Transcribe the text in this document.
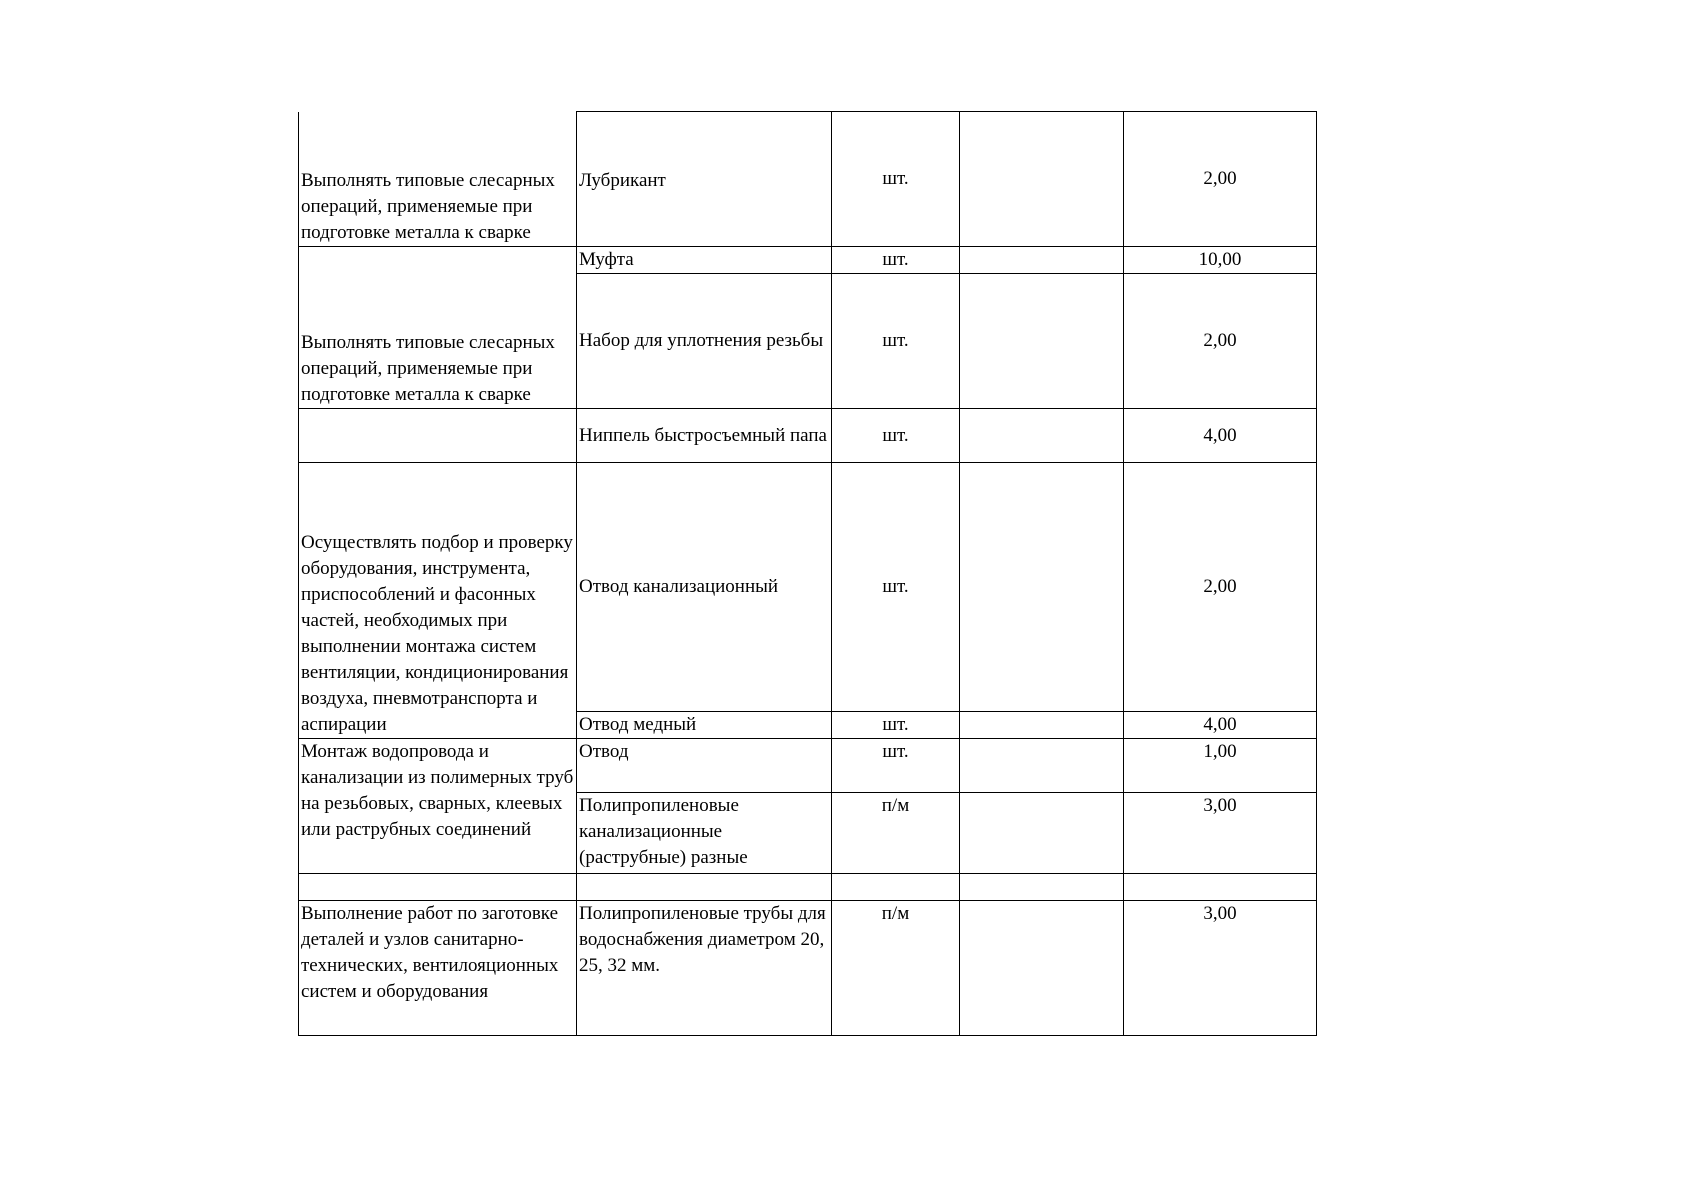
Выполнять типовые слесарных операций, применяемые при подготовке металла к сварке	Лубрикант	шт.		2,00
Выполнять типовые слесарных операций, применяемые при подготовке металла к сварке	Муфта	шт.		10,00
	Набор для уплотнения резьбы	шт.		2,00
	Ниппель быстросъемный папа	шт.		4,00
Осуществлять подбор и проверку оборудования, инструмента, приспособлений и фасонных частей, необходимых при выполнении монтажа систем вентиляции, кондиционирования воздуха, пневмотранспорта и аспирации	Отвод канализационный	шт.		2,00
	Отвод медный	шт.		4,00
Монтаж водопровода и канализации из полимерных труб на резьбовых, сварных, клеевых или раструбных соединений	Отвод	шт.		1,00
	Полипропиленовые канализационные (раструбные) разные	п/м		3,00

Выполнение работ по заготовке деталей и узлов санитарно-технических, вентилояционных систем и оборудования	Полипропиленовые трубы для водоснабжения диаметром 20, 25, 32 мм.	п/м		3,00
